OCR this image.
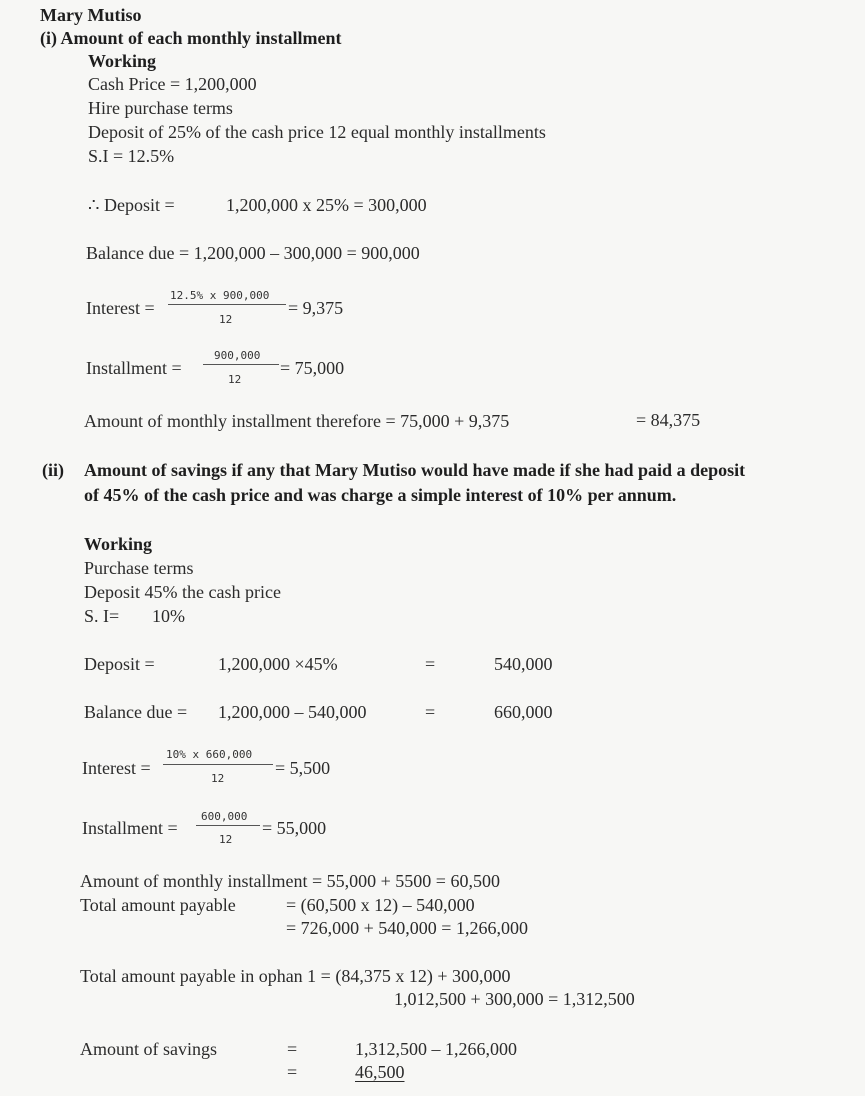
Mary Mutiso
(i) Amount of each monthly installment
Working
Cash Price = 1,200,000
Hire purchase terms
Deposit of 25% of the cash price 12 equal monthly installments
S.I = 12.5%
∴ Deposit =	1,200,000 x 25% = 300,000
Balance due = 1,200,000 – 300,000 = 900,000
Interest =
12.5% x 900,000
12
= 9,375
Installment =
900,000
12
= 75,000
Amount of monthly installment therefore = 75,000 + 9,375	= 84,375
(ii) Amount of savings if any that Mary Mutiso would have made if she had paid a deposit
of 45% of the cash price and was charge a simple interest of 10% per annum.
Working
Purchase terms
Deposit 45% the cash price
S. I= 10%
Deposit =	1,200,000 ×45%	=	540,000
Balance due = 1,200,000 – 540,000	=	660,000
Interest =
10% x 660,000
12
= 5,500
Installment =
600,000
12
= 55,000
Amount of monthly installment = 55,000 + 5500 = 60,500
Total amount payable	= (60,500 x 12) – 540,000
= 726,000 + 540,000 = 1,266,000
Total amount payable in ophan 1 = (84,375 x 12) + 300,000
1,012,500 + 300,000 = 1,312,500
Amount of savings	=	1,312,500 – 1,266,000
=	46,500
